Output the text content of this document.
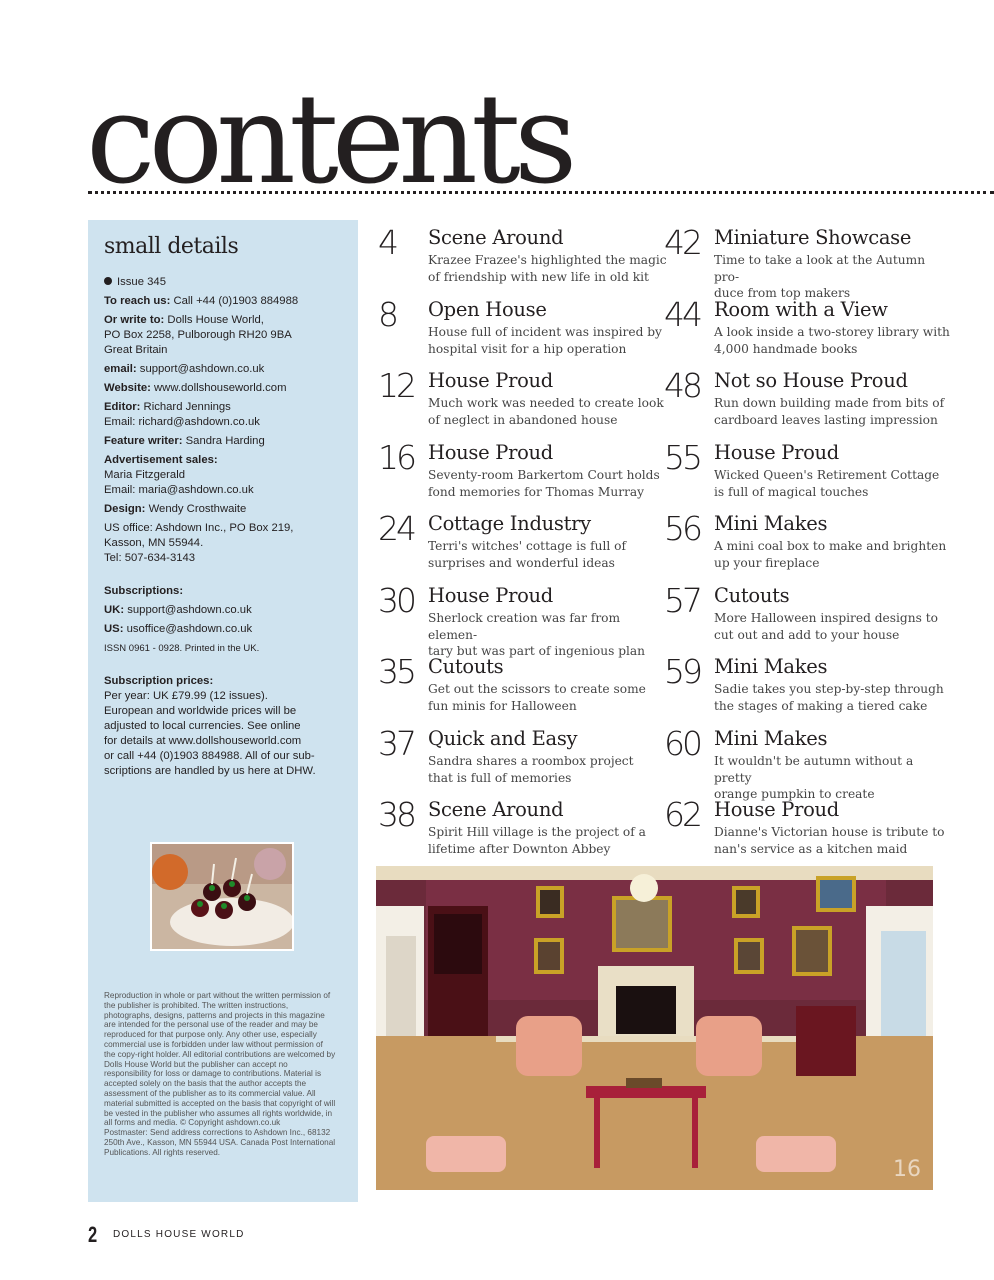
contents
small details

Issue 345

To reach us: Call +44 (0)1903 884988

Or write to: Dolls House World,

PO Box 2258, Pulborough RH20 9BA

Great Britain

email: support@ashdown.co.uk

Website: www.dollshouseworld.com

Editor: Richard Jennings

Email: richard@ashdown.co.uk

Feature writer: Sandra Harding

Advertisement sales:

Maria Fitzgerald

Email: maria@ashdown.co.uk

Design: Wendy Crosthwaite

US office: Ashdown Inc., PO Box 219,

Kasson, MN 55944.

Tel: 507-634-3143

Subscriptions:

UK: support@ashdown.co.uk

US: usoffice@ashdown.co.uk

ISSN 0961 - 0928. Printed in the UK.

Subscription prices:

Per year: UK £79.99 (12 issues).

European and worldwide prices will be

adjusted to local currencies. See online

for details at www.dollshouseworld.com

or call +44 (0)1903 884988. All of our sub-

scriptions are handled by us here at DHW.

Reproduction in whole or part without the written permission of the publisher is prohibited. The written instructions, photographs, designs, patterns and projects in this magazine are intended for the personal use of the reader and may be reproduced for that purpose only. Any other use, especially commercial use is forbidden under law without permission of the copy-right holder. All editorial contributions are welcomed by Dolls House World but the publisher can accept no responsibility for loss or damage to contributions. Material is accepted solely on the basis that the author accepts the assessment of the publisher as to its commercial value. All material submitted is accepted on the basis that copyright of will be vested in the publisher who assumes all rights worldwide, in all forms and media. © Copyright ashdown.co.uk
Postmaster: Send address corrections to Ashdown Inc., 68132 250th Ave., Kasson, MN 55944 USA. Canada Post International Publications. All rights reserved.

4	Scene Around
Krazee Frazee's highlighted the magic
of friendship with new life in old kit
8	Open House
House full of incident was inspired by
hospital visit for a hip operation
12 House Proud
Much work was needed to create look
of neglect in abandoned house
16 House Proud
Seventy-room Barkertom Court holds
fond memories for Thomas Murray
24 Cottage Industry
Terri's witches' cottage is full of
surprises and wonderful ideas
30 House Proud
Sherlock creation was far from elemen-
tary but was part of ingenious plan
35 Cutouts
Get out the scissors to create some
fun minis for Halloween
37 Quick and Easy
Sandra shares a roombox project
that is full of memories
38 Scene Around
Spirit Hill village is the project of a
lifetime after Downton Abbey
42 Miniature Showcase
Time to take a look at the Autumn pro-
duce from top makers
44 Room with a View
A look inside a two-storey library with
4,000 handmade books
48 Not so House Proud
Run down building made from bits of
cardboard leaves lasting impression
55 House Proud
Wicked Queen's Retirement Cottage
is full of magical touches
56 Mini Makes
A mini coal box to make and brighten
up your fireplace
57 Cutouts
More Halloween inspired designs to
cut out and add to your house
59 Mini Makes
Sadie takes you step-by-step through
the stages of making a tiered cake
60 Mini Makes
It wouldn't be autumn without a pretty
orange pumpkin to create
62 House Proud
Dianne's Victorian house is tribute to
nan's service as a kitchen maid
16
2 DOLLS HOUSE WORLD
